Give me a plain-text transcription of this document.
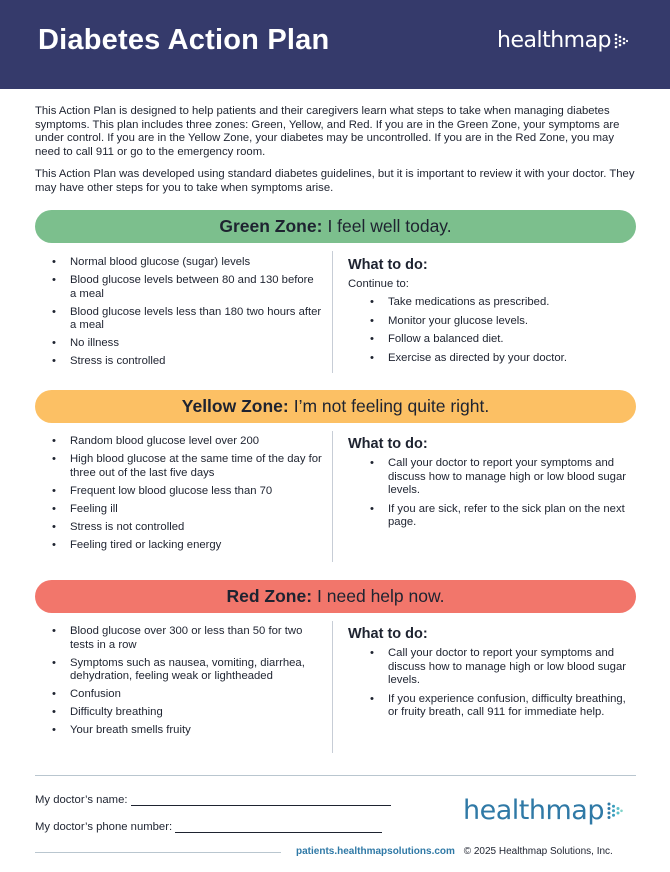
Diabetes Action Plan	healthmap

This Action Plan is designed to help patients and their caregivers learn what steps to take when managing diabetes symptoms. This plan includes three zones: Green, Yellow, and Red. If you are in the Green Zone, your symptoms are under control. If you are in the Yellow Zone, your diabetes may be uncontrolled. If you are in the Red Zone, you may need to call 911 or go to the emergency room.

This Action Plan was developed using standard diabetes guidelines, but it is important to review it with your doctor. They may have other steps for you to take when symptoms arise.

Green Zone: I feel well today.
• Normal blood glucose (sugar) levels
• Blood glucose levels between 80 and 130 before a meal
• Blood glucose levels less than 180 two hours after a meal
• No illness
• Stress is controlled
What to do:
Continue to:
• Take medications as prescribed.
• Monitor your glucose levels.
• Follow a balanced diet.
• Exercise as directed by your doctor.
Yellow Zone: I’m not feeling quite right.
• Random blood glucose level over 200
• High blood glucose at the same time of the day for three out of the last five days
• Frequent low blood glucose less than 70
• Feeling ill
• Stress is not controlled
• Feeling tired or lacking energy
What to do:
• Call your doctor to report your symptoms and discuss how to manage high or low blood sugar levels.
• If you are sick, refer to the sick plan on the next page.
Red Zone: I need help now.
• Blood glucose over 300 or less than 50 for two tests in a row
• Symptoms such as nausea, vomiting, diarrhea, dehydration, feeling weak or lightheaded
• Confusion
• Difficulty breathing
• Your breath smells fruity
What to do:
• Call your doctor to report your symptoms and discuss how to manage high or low blood sugar levels.
• If you experience confusion, difficulty breathing, or fruity breath, call 911 for immediate help.
My doctor’s name:
My doctor’s phone number:
healthmap
patients.healthmapsolutions.com © 2025 Healthmap Solutions, Inc.
